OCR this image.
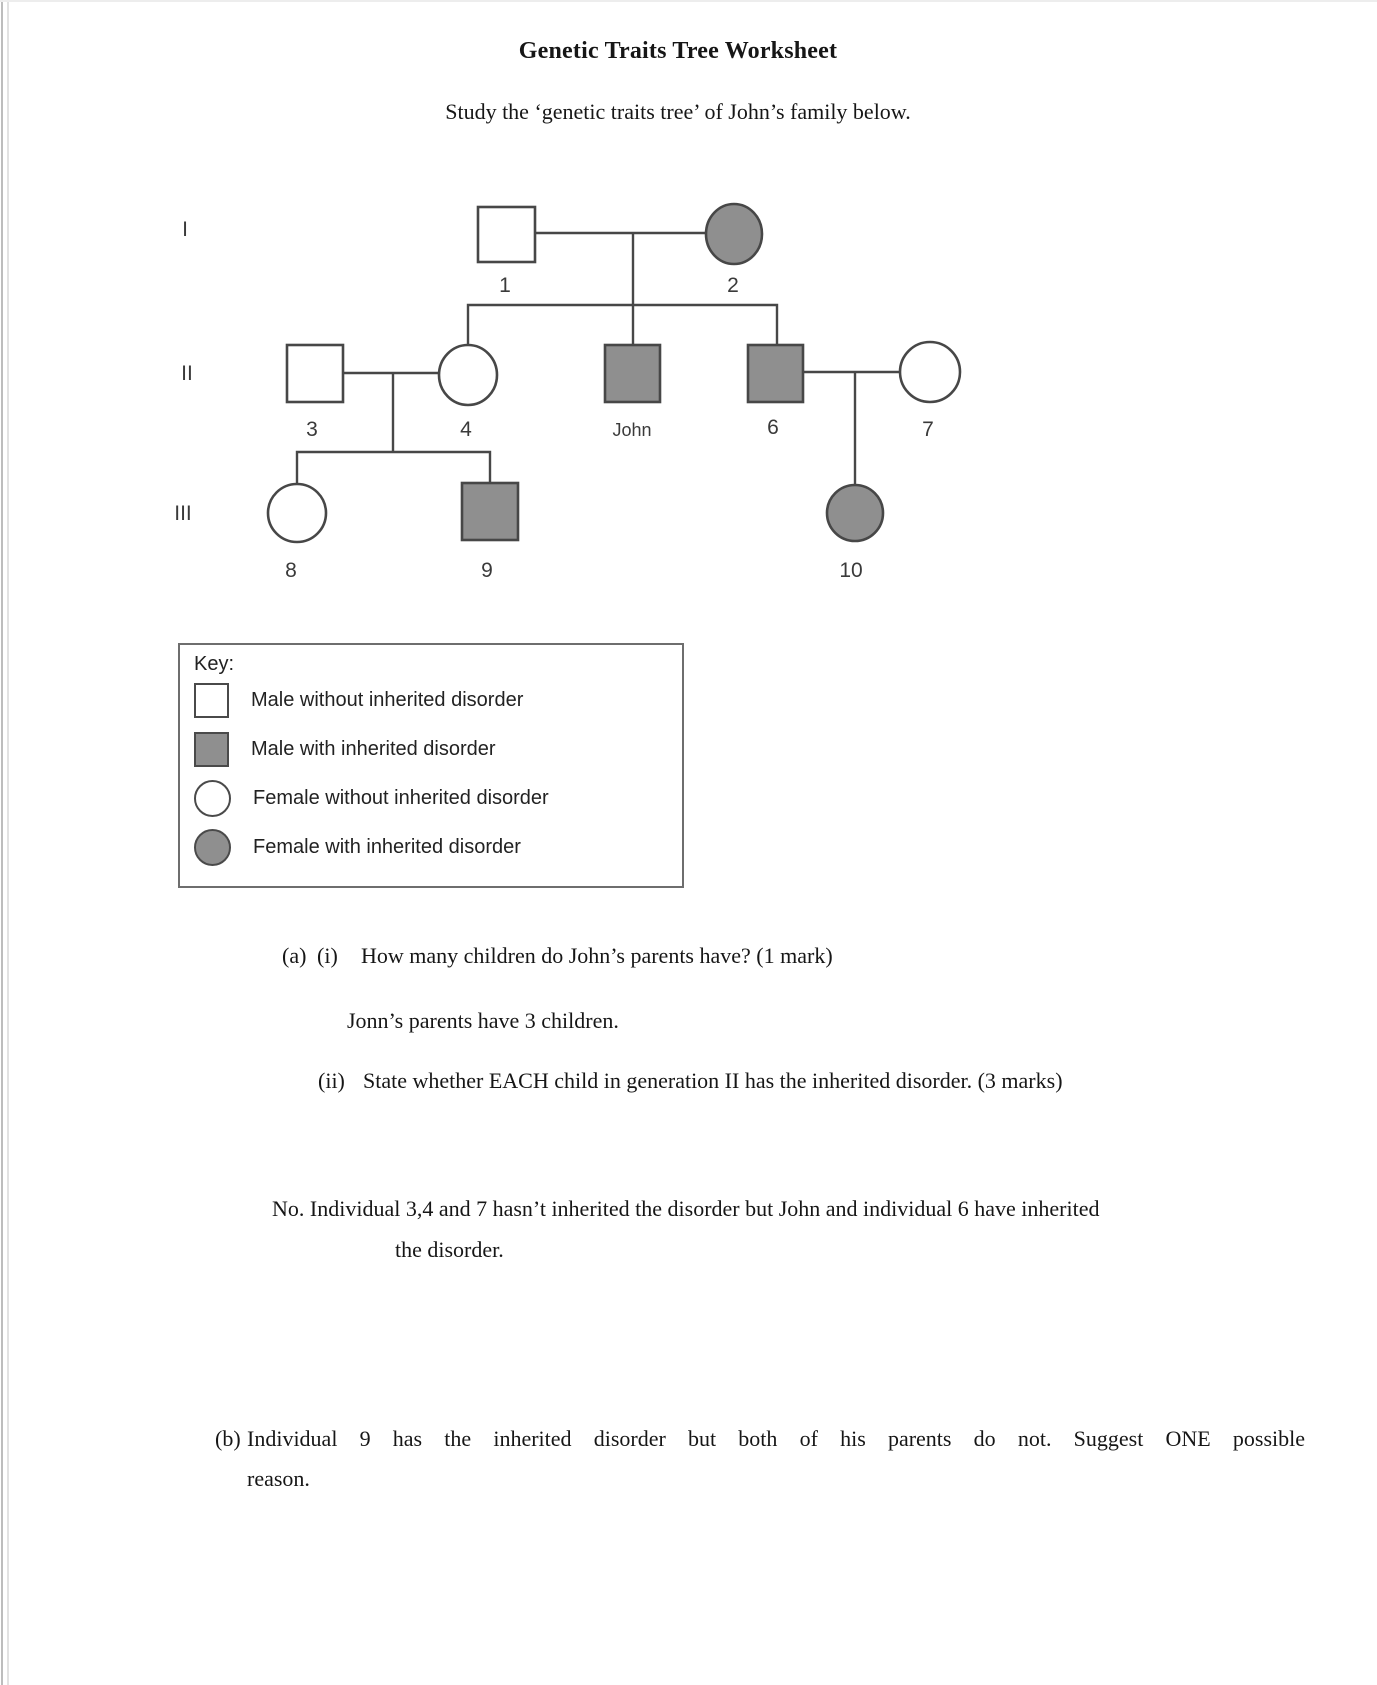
Genetic Traits Tree Worksheet
Study the ‘genetic traits tree’ of John’s family below.
I
II
III
1	2
3	4	John	6	7
8	9	10
Key:
Male without inherited disorder
Male with inherited disorder
Female without inherited disorder
Female with inherited disorder
(a) (i)	How many children do John’s parents have? (1 mark)
Jonn’s parents have 3 children.
(ii) State whether EACH child in generation II has the inherited disorder. (3 marks)
No. Individual 3,4 and 7 hasn’t inherited the disorder but John and individual 6 have inherited
the disorder.
(b) Individual 9 has the inherited disorder but both of his parents do not. Suggest ONE possible
reason.
